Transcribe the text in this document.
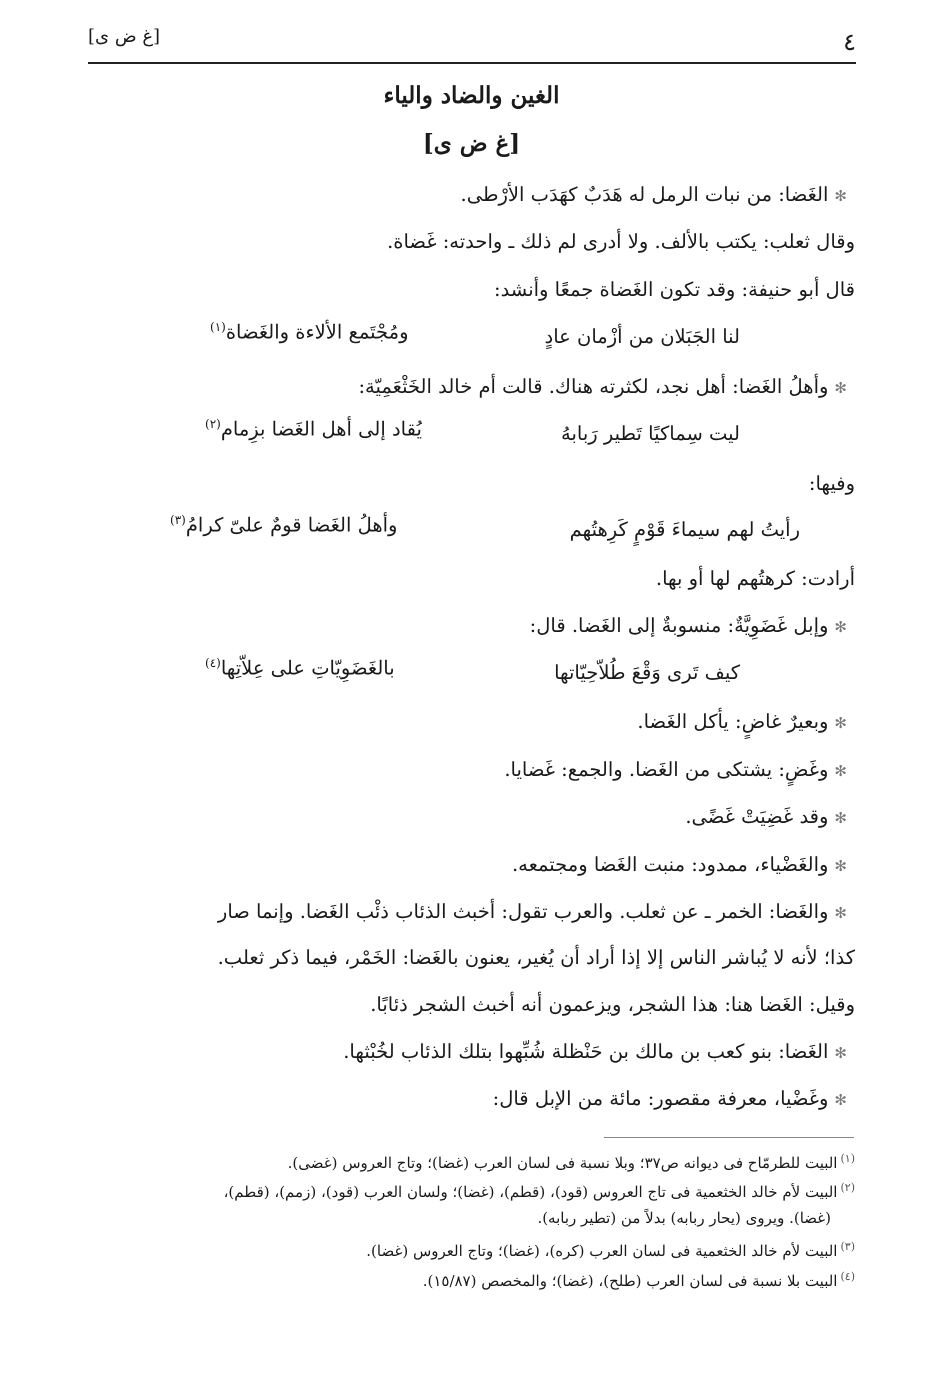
٤
[غ ض ى]
الغين والضاد والياء
[غ ض ى]
✻الغَضا: من نبات الرمل له هَدَبٌ كهَدَب الأرْطى.
وقال ثعلب: يكتب بالألف. ولا أدرى لم ذلك ـ واحدته: غَضاة.
قال أبو حنيفة: وقد تكون الغَضاة جمعًا وأنشد:
لنا الجَبَلان من أزْمان عادٍ
ومُجْتَمع الألاءة والغَضاة$^{(١)}$
✻وأهلُ الغَضا: أهل نجد، لكثرته هناك. قالت أم خالد الخَثْعَمِيّة:
ليت سِماكيًا تَطير رَبابهُ
يُقاد إلى أهل الغَضا بزِمام$^{(٢)}$
وفيها:
رأيتُ لهم سيماءَ قَوْمٍ كَرِهتُهم
وأهلُ الغَضا قومٌ علىّ كرامُ$^{(٣)}$
أرادت: كرهتُهم لها أو بها.
✻وإبل غَضَوِيَّةٌ: منسوبةٌ إلى الغَضا. قال:
كيف تَرى وَقْعَ طُلاّحِيّاتها
بالغَضَوِيّاتِ على عِلاّتِها$^{(٤)}$
✻وبعيرٌ غاضٍ: يأكل الغَضا.
✻وغَضٍ: يشتكى من الغَضا. والجمع: غَضايا.
✻وقد غَضِيَتْ غَضًى.
✻والغَضْياء، ممدود: منبت الغَضا ومجتمعه.
✻والغَضا: الخمر ـ عن ثعلب. والعرب تقول: أخبث الذئاب ذئْب الغَضا. وإنما صار
كذا؛ لأنه لا يُباشر الناس إلا إذا أراد أن يُغير، يعنون بالغَضا: الخَمْر، فيما ذكر ثعلب.
وقيل: الغَضا هنا: هذا الشجر، ويزعمون أنه أخبث الشجر ذئابًا.
✻الغَضا: بنو كعب بن مالك بن حَنْظلة شُبِّهوا بتلك الذئاب لخُبْثها.
✻وغَضْيا، معرفة مقصور: مائة من الإبل قال:
$^{(١)}$البيت للطرمّاح فى ديوانه ص٣٧؛ وبلا نسبة فى لسان العرب (غضا)؛ وتاج العروس (غضى).
$^{(٢)}$البيت لأم خالد الخثعمية فى تاج العروس (قود)، (قطم)، (غضا)؛ ولسان العرب (قود)، (زمم)، (قطم)،
(غضا). ويروى (يحار ربابه) بدلاً من (تطير ربابه).
$^{(٣)}$البيت لأم خالد الخثعمية فى لسان العرب (كره)، (غضا)؛ وتاج العروس (غضا).
$^{(٤)}$البيت بلا نسبة فى لسان العرب (طلح)، (غضا)؛ والمخصص (١٥/٨٧).
